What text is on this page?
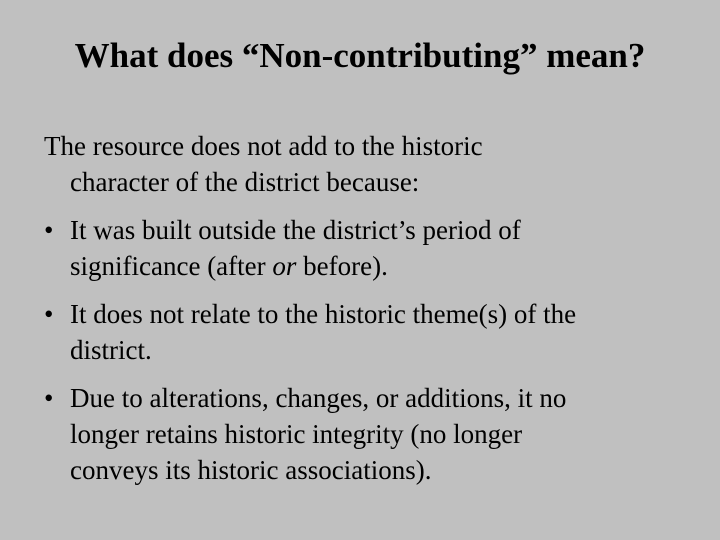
What does “Non-contributing” mean?
The resource does not add to the historic
character of the district because:
• It was built outside the district’s period of
significance (after or before).
• It does not relate to the historic theme(s) of the
district.
• Due to alterations, changes, or additions, it no
longer retains historic integrity (no longer
conveys its historic associations).
